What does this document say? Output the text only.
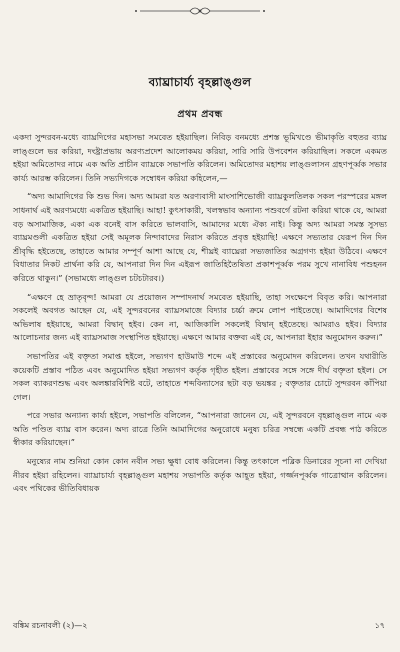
ব্যাঘ্রাচার্য্য বৃহল্লাঙ্গুল
প্রথম প্রবন্ধ

একদা সুন্দরবন-মধ্যে ব্যাঘ্রদিগের মহাসভা সমবেত হইয়াছিল। নিবিড় বনমধ্যে প্রশস্ত ভূমিখণ্ডে ভীমাকৃতি বহুতর ব্যাঘ্র লাঙ্গুলে ভর করিয়া, দংষ্ট্রাপ্রভায় অরণ্যপ্রদেশ আলোকময় করিয়া, সারি সারি উপবেশন করিয়াছিল। সকলে একমত হইয়া অমিতোদর নামে এক অতি প্রাচীন ব্যাঘ্রকে সভাপতি করিলেন। অমিতোদর মহাশয় লাঙ্গুলাসন গ্রহণপূর্ব্বক সভার কার্য্য আরম্ভ করিলেন। তিনি সভ্যদিগকে সম্বোধন করিয়া কহিলেন,—

“অদ্য আমাদিগের কি শুভ দিন। অদ্য আমরা যত অরণ্যবাসী মাংসাশিভোজী ব্যাঘ্রকুলতিলক সকল পরস্পরের মঙ্গল সাধনার্থ এই অরণ্যমধ্যে একত্রিত হইয়াছি। আহা! কুৎসাকারী, খলস্বভাব অন্যান্য পশুবর্গে রটনা করিয়া থাকে যে, আমরা বড় অসামাজিক, একা এক বনেই বাস করিতে ভালবাসি, আমাদের মধ্যে ঐক্য নাই। কিন্তু অদ্য আমরা সমস্ত সুসভ্য ব্যাঘ্রমণ্ডলী একত্রিত হইয়া সেই অমূলক নিন্দাবাদের নিরাস করিতে প্রবৃত্ত হইয়াছি! এক্ষণে সভ্যতার যেরূপ দিন দিন শ্রীবৃদ্ধি হইতেছে, তাহাতে আমার সম্পূর্ণ আশা আছে যে, শীঘ্রই ব্যাঘ্রেরা সভ্যজাতির অগ্রগণ্য হইয়া উঠিবে। এক্ষণে বিধাতার নিকট প্রার্থনা করি যে, আপনারা দিন দিন এইরূপ জাতিহিতৈষিতা প্রকাশপূর্ব্বক পরম সুখে নানাবিধ পশুহনন করিতে থাকুন।” (সভামধ্যে লাঙ্গুল চটচটারব।)

“এক্ষণে হে ভ্রাতৃবৃন্দ! আমরা যে প্রয়োজন সম্পাদনার্থ সমবেত হইয়াছি, তাহা সংক্ষেপে বিবৃত করি। আপনারা সকলেই অবগত আছেন যে, এই সুন্দরবনের ব্যাঘ্রসমাজে বিদ্যার চর্চ্চা ক্রমে লোপ পাইতেছে। আমাদিগের বিশেষ অভিলাষ হইয়াছে, আমরা বিদ্বান্ হইব। কেন না, আজিকালি সকলেই বিদ্বান্ হইতেছে। আমরাও হইব। বিদ্যার আলোচনার জন্য এই ব্যাঘ্রসমাজ সংস্থাপিত হইয়াছে। এক্ষণে আমার বক্তব্য এই যে, আপনারা ইহার অনুমোদন করুন।”

সভাপতির এই বক্তৃতা সমাপ্ত হইলে, সভ্যগণ হাউমাউ শব্দে এই প্রস্তাবের অনুমোদন করিলেন। তখন যথারীতি কয়েকটি প্রস্তাব পঠিত এবং অনুমোদিত হইয়া সভ্যগণ কর্তৃক গৃহীত হইল। প্রস্তাবের সঙ্গে সঙ্গে দীর্ঘ বক্তৃতা হইল। সে সকল ব্যাকরণশুদ্ধ এবং অলঙ্কারবিশিষ্ট বটে, তাহাতে শব্দবিন্যাসের ছটা বড় ভয়ঙ্কর ; বক্তৃতার চোটে সুন্দরবন কাঁপিয়া গেল।

পরে সভার অন্যান্য কার্য্য হইলে, সভাপতি বলিলেন, “আপনারা জানেন যে, এই সুন্দরবনে বৃহল্লাঙ্গুল নামে এক অতি পণ্ডিত ব্যাঘ্র বাস করেন। অদ্য রাত্রে তিনি আমাদিগের অনুরোধে মনুষ্য চরিত্র সম্বন্ধে একটি প্রবন্ধ পাঠ করিতে স্বীকার করিয়াছেন।”

মনুষ্যের নাম শুনিয়া কোন কোন নবীন সভ্য ক্ষুধা বোধ করিলেন। কিন্তু তৎকালে পব্লিক ডিনারের সূচনা না দেখিয়া নীরব হইয়া রহিলেন। ব্যাঘ্রাচার্য্য বৃহল্লাঙ্গুল মহাশয় সভাপতি কর্তৃক আহূত হইয়া, গর্জ্জনপূর্ব্বক গাত্রোত্থান করিলেন। এবং পথিকের ভীতিবিধায়ক

বঙ্কিম রচনাবলী (২)—২	১৭
